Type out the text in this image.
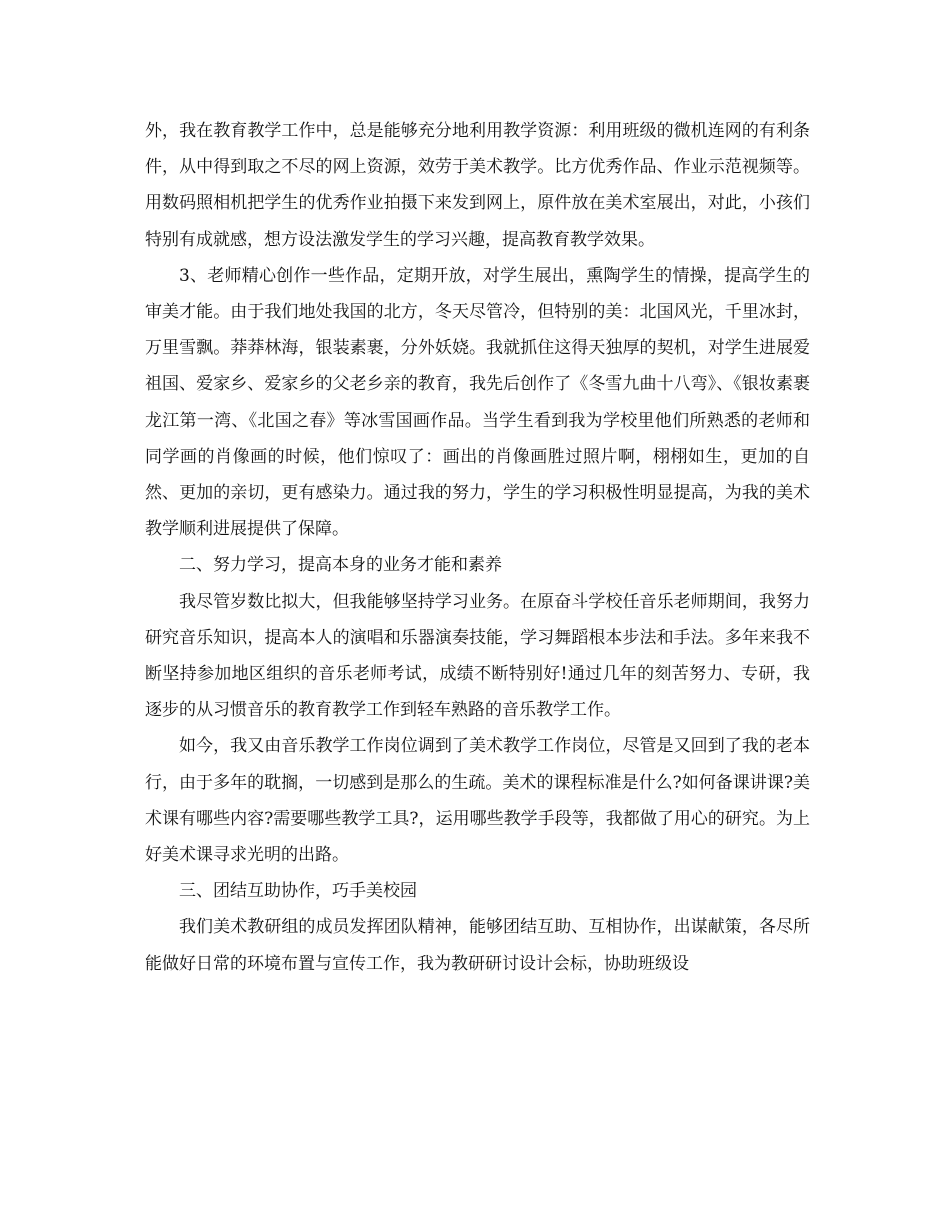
外，我在教育教学工作中，总是能够充分地利用教学资源：利用班级的微机连网的有利条件，从中得到取之不尽的网上资源，效劳于美术教学。比方优秀作品、作业示范视频等。用数码照相机把学生的优秀作业拍摄下来发到网上，原件放在美术室展出，对此，小孩们特别有成就感，想方设法激发学生的学习兴趣，提高教育教学效果。

3、老师精心创作一些作品，定期开放，对学生展出，熏陶学生的情操，提高学生的审美才能。由于我们地处我国的北方，冬天尽管冷，但特别的美：北国风光，千里冰封，万里雪飘。莽莽林海，银装素裹，分外妖娆。我就抓住这得天独厚的契机，对学生进展爱祖国、爱家乡、爱家乡的父老乡亲的教育，我先后创作了《冬雪九曲十八弯》、《银妆素裹龙江第一湾、《北国之春》等冰雪国画作品。当学生看到我为学校里他们所熟悉的老师和同学画的肖像画的时候，他们惊叹了：画出的肖像画胜过照片啊，栩栩如生，更加的自然、更加的亲切，更有感染力。通过我的努力，学生的学习积极性明显提高，为我的美术教学顺利进展提供了保障。

二、努力学习，提高本身的业务才能和素养

我尽管岁数比拟大，但我能够坚持学习业务。在原奋斗学校任音乐老师期间，我努力研究音乐知识，提高本人的演唱和乐器演奏技能，学习舞蹈根本步法和手法。多年来我不断坚持参加地区组织的音乐老师考试，成绩不断特别好!通过几年的刻苦努力、专研，我逐步的从习惯音乐的教育教学工作到轻车熟路的音乐教学工作。

如今，我又由音乐教学工作岗位调到了美术教学工作岗位，尽管是又回到了我的老本行，由于多年的耽搁，一切感到是那么的生疏。美术的课程标准是什么?如何备课讲课?美术课有哪些内容?需要哪些教学工具?，运用哪些教学手段等，我都做了用心的研究。为上好美术课寻求光明的出路。

三、团结互助协作，巧手美校园

我们美术教研组的成员发挥团队精神，能够团结互助、互相协作，出谋献策，各尽所能做好日常的环境布置与宣传工作，我为教研研讨设计会标，协助班级设
